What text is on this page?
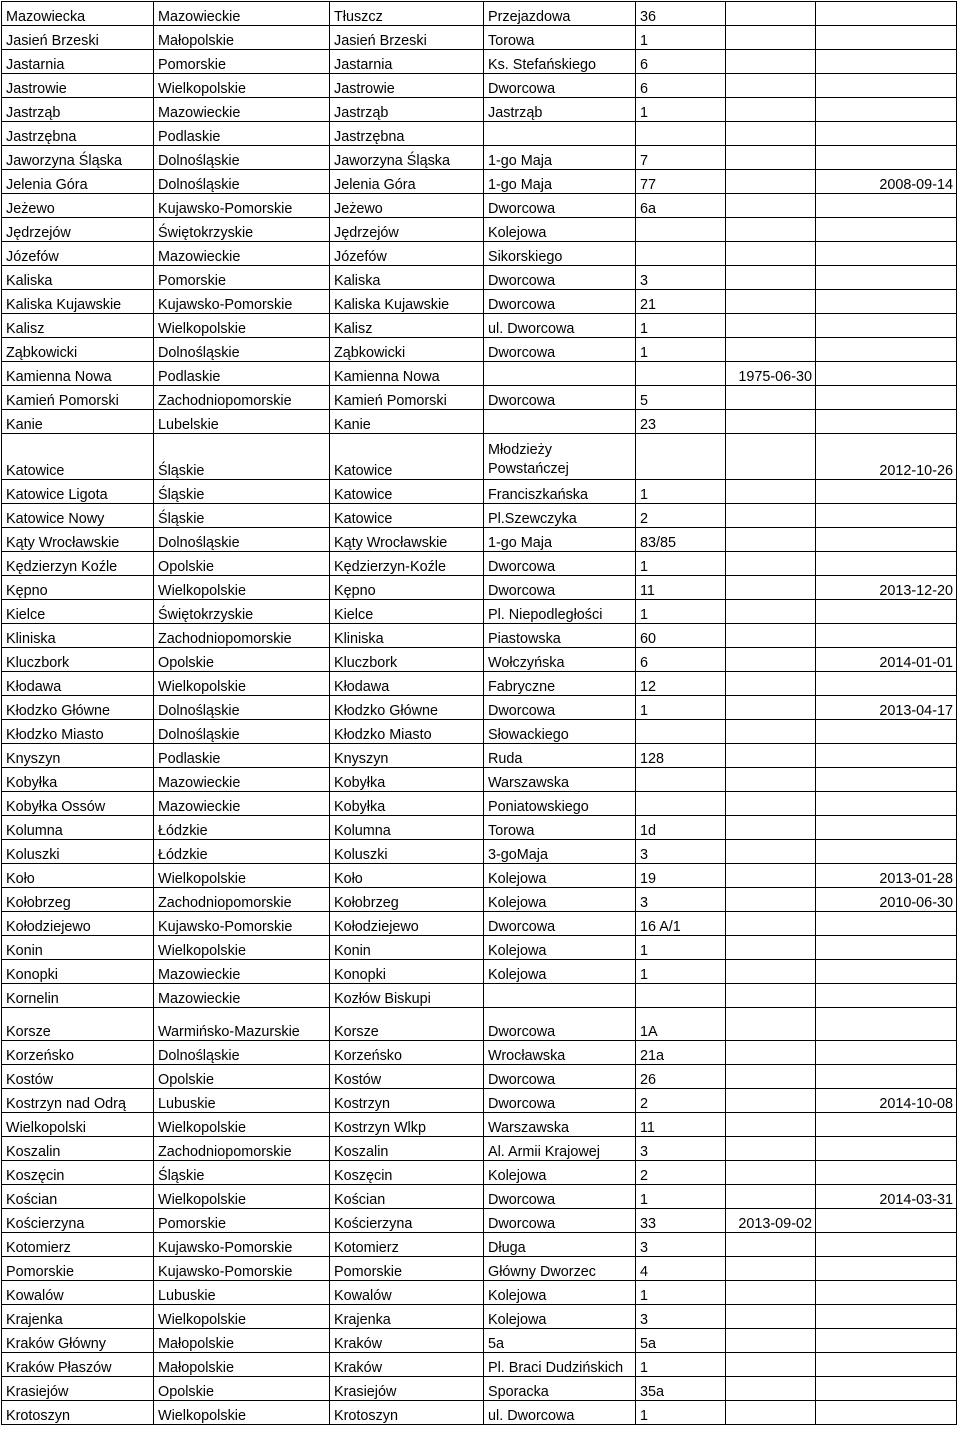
Mazowiecka	Mazowieckie	Tłuszcz	Przejazdowa	36		
Jasień Brzeski	Małopolskie	Jasień Brzeski	Torowa	1		
Jastarnia	Pomorskie	Jastarnia	Ks. Stefańskiego	6		
Jastrowie	Wielkopolskie	Jastrowie	Dworcowa	6		
Jastrząb	Mazowieckie	Jastrząb	Jastrząb	1		
Jastrzębna	Podlaskie	Jastrzębna				
Jaworzyna Śląska	Dolnośląskie	Jaworzyna Śląska	1-go Maja	7		
Jelenia Góra	Dolnośląskie	Jelenia Góra	1-go Maja	77		2008-09-14
Jeżewo	Kujawsko-Pomorskie	Jeżewo	Dworcowa	6a		
Jędrzejów	Świętokrzyskie	Jędrzejów	Kolejowa			
Józefów	Mazowieckie	Józefów	Sikorskiego			
Kaliska	Pomorskie	Kaliska	Dworcowa	3		
Kaliska Kujawskie	Kujawsko-Pomorskie	Kaliska Kujawskie	Dworcowa	21		
Kalisz	Wielkopolskie	Kalisz	ul. Dworcowa	1		
Ząbkowicki	Dolnośląskie	Ząbkowicki	Dworcowa	1		
Kamienna Nowa	Podlaskie	Kamienna Nowa			1975-06-30	
Kamień Pomorski	Zachodniopomorskie	Kamień Pomorski	Dworcowa	5		
Kanie	Lubelskie	Kanie		23		
Katowice	Śląskie	Katowice	Młodzieży Powstańczej			2012-10-26
Katowice Ligota	Śląskie	Katowice	Franciszkańska	1		
Katowice Nowy	Śląskie	Katowice	Pl.Szewczyka	2		
Kąty Wrocławskie	Dolnośląskie	Kąty Wrocławskie	1-go Maja	83/85		
Kędzierzyn Koźle	Opolskie	Kędzierzyn-Koźle	Dworcowa	1		
Kępno	Wielkopolskie	Kępno	Dworcowa	11		2013-12-20
Kielce	Świętokrzyskie	Kielce	Pl. Niepodległości	1		
Kliniska	Zachodniopomorskie	Kliniska	Piastowska	60		
Kluczbork	Opolskie	Kluczbork	Wołczyńska	6		2014-01-01
Kłodawa	Wielkopolskie	Kłodawa	Fabryczne	12		
Kłodzko Główne	Dolnośląskie	Kłodzko Główne	Dworcowa	1		2013-04-17
Kłodzko Miasto	Dolnośląskie	Kłodzko Miasto	Słowackiego			
Knyszyn	Podlaskie	Knyszyn	Ruda	128		
Kobyłka	Mazowieckie	Kobyłka	Warszawska			
Kobyłka Ossów	Mazowieckie	Kobyłka	Poniatowskiego			
Kolumna	Łódzkie	Kolumna	Torowa	1d		
Koluszki	Łódzkie	Koluszki	3-goMaja	3		
Koło	Wielkopolskie	Koło	Kolejowa	19		2013-01-28
Kołobrzeg	Zachodniopomorskie	Kołobrzeg	Kolejowa	3		2010-06-30
Kołodziejewo	Kujawsko-Pomorskie	Kołodziejewo	Dworcowa	16 A/1		
Konin	Wielkopolskie	Konin	Kolejowa	1		
Konopki	Mazowieckie	Konopki	Kolejowa	1		
Kornelin	Mazowieckie	Kozłów Biskupi				
Korsze	Warmińsko-Mazurskie	Korsze	Dworcowa	1A		
Korzeńsko	Dolnośląskie	Korzeńsko	Wrocławska	21a		
Kostów	Opolskie	Kostów	Dworcowa	26		
Kostrzyn nad Odrą	Lubuskie	Kostrzyn	Dworcowa	2		2014-10-08
Wielkopolski	Wielkopolskie	Kostrzyn Wlkp	Warszawska	11		
Koszalin	Zachodniopomorskie	Koszalin	Al. Armii Krajowej	3		
Koszęcin	Śląskie	Koszęcin	Kolejowa	2		
Kościan	Wielkopolskie	Kościan	Dworcowa	1		2014-03-31
Kościerzyna	Pomorskie	Kościerzyna	Dworcowa	33	2013-09-02	
Kotomierz	Kujawsko-Pomorskie	Kotomierz	Długa	3		
Pomorskie	Kujawsko-Pomorskie	Pomorskie	Główny Dworzec	4		
Kowalów	Lubuskie	Kowalów	Kolejowa	1		
Krajenka	Wielkopolskie	Krajenka	Kolejowa	3		
Kraków Główny	Małopolskie	Kraków	5a	5a		
Kraków Płaszów	Małopolskie	Kraków	Pl. Braci Dudzińskich	1		
Krasiejów	Opolskie	Krasiejów	Sporacka	35a		
Krotoszyn	Wielkopolskie	Krotoszyn	ul. Dworcowa	1		
